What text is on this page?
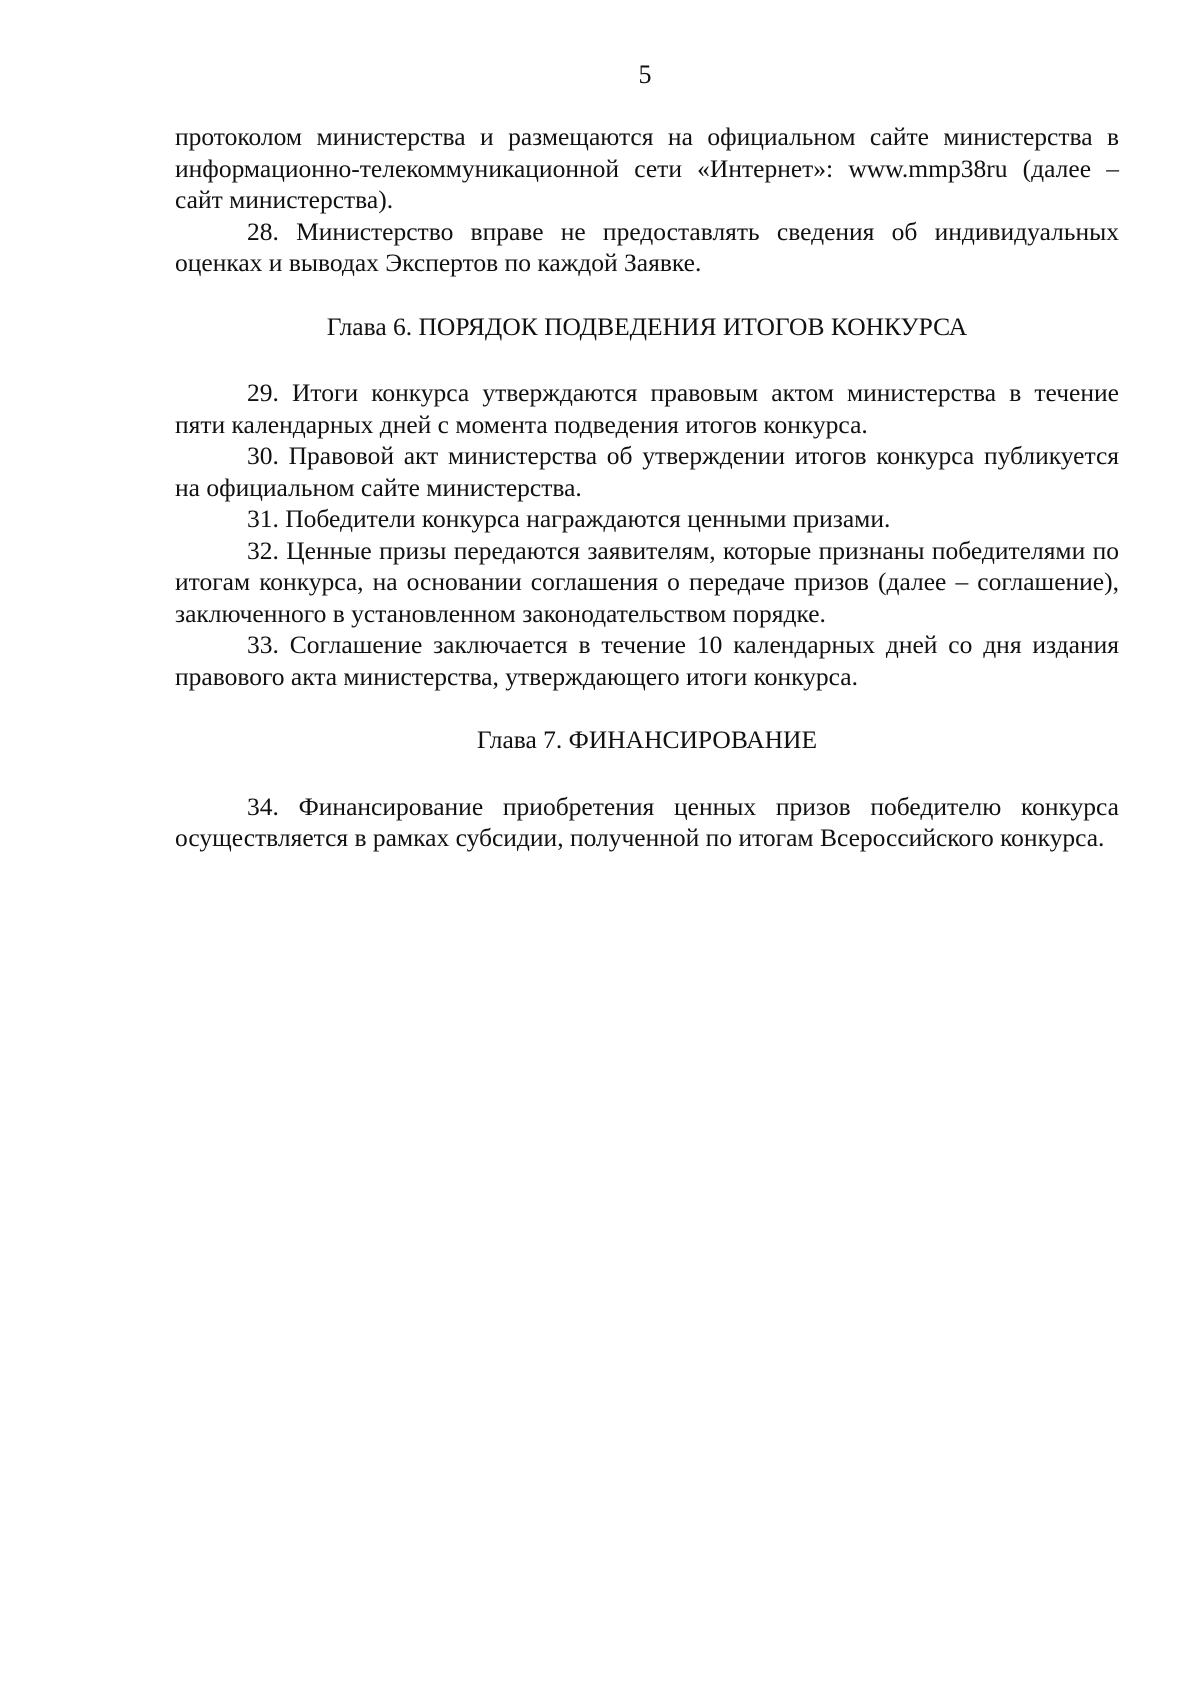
5

протоколом министерства и размещаются на официальном сайте министерства в информационно-телекоммуникационной сети «Интернет»: www.mmp38ru (далее – сайт министерства).

28. Министерство вправе не предоставлять сведения об индивидуальных оценках и выводах Экспертов по каждой Заявке.

Глава 6. ПОРЯДОК ПОДВЕДЕНИЯ ИТОГОВ КОНКУРСА

29. Итоги конкурса утверждаются правовым актом министерства в течение пяти календарных дней с момента подведения итогов конкурса.

30. Правовой акт министерства об утверждении итогов конкурса публикуется на официальном сайте министерства.

31. Победители конкурса награждаются ценными призами.

32. Ценные призы передаются заявителям, которые признаны победителями по итогам конкурса, на основании соглашения о передаче призов (далее – соглашение), заключенного в установленном законодательством порядке.

33. Соглашение заключается в течение 10 календарных дней со дня издания правового акта министерства, утверждающего итоги конкурса.

Глава 7. ФИНАНСИРОВАНИЕ

34. Финансирование приобретения ценных призов победителю конкурса осуществляется в рамках субсидии, полученной по итогам Всероссийского конкурса.
